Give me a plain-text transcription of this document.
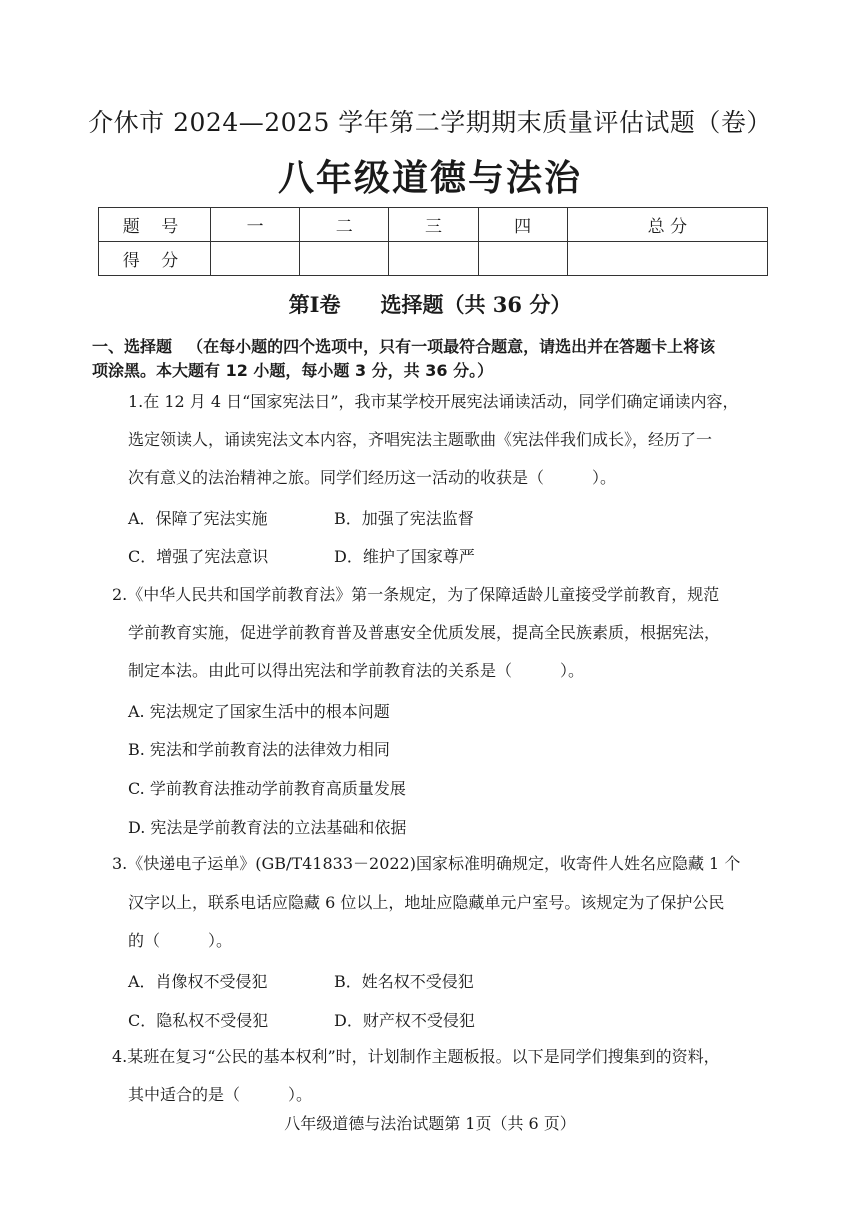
介休市 2024—2025 学年第二学期期末质量评估试题（卷）
八年级道德与法治
题 号	一	二	三	四	总 分
得 分					
第Ⅰ卷 选择题（共 36 分）
一、选择题 （在每小题的四个选项中，只有一项最符合题意，请选出并在答题卡上将该
项涂黑。本大题有 12 小题，每小题 3 分，共 36 分。）
1.在 12 月 4 日“国家宪法日”，我市某学校开展宪法诵读活动，同学们确定诵读内容，
选定领读人，诵读宪法文本内容，齐唱宪法主题歌曲《宪法伴我们成长》，经历了一
次有意义的法治精神之旅。同学们经历这一活动的收获是（　　　）。
A．保障了宪法实施	B．加强了宪法监督
C．增强了宪法意识	D．维护了国家尊严
2.《中华人民共和国学前教育法》第一条规定，为了保障适龄儿童接受学前教育，规范
学前教育实施，促进学前教育普及普惠安全优质发展，提高全民族素质，根据宪法，
制定本法。由此可以得出宪法和学前教育法的关系是（　　　）。
A. 宪法规定了国家生活中的根本问题
B. 宪法和学前教育法的法律效力相同
C. 学前教育法推动学前教育高质量发展
D. 宪法是学前教育法的立法基础和依据
3.《快递电子运单》(GB/T41833－2022)国家标准明确规定，收寄件人姓名应隐藏 1 个
汉字以上，联系电话应隐藏 6 位以上，地址应隐藏单元户室号。该规定为了保护公民
的（　　　）。
A．肖像权不受侵犯	B．姓名权不受侵犯
C．隐私权不受侵犯	D．财产权不受侵犯
4.某班在复习“公民的基本权利”时，计划制作主题板报。以下是同学们搜集到的资料，
其中适合的是（　　　）。
八年级道德与法治试题第 1页（共 6 页）
